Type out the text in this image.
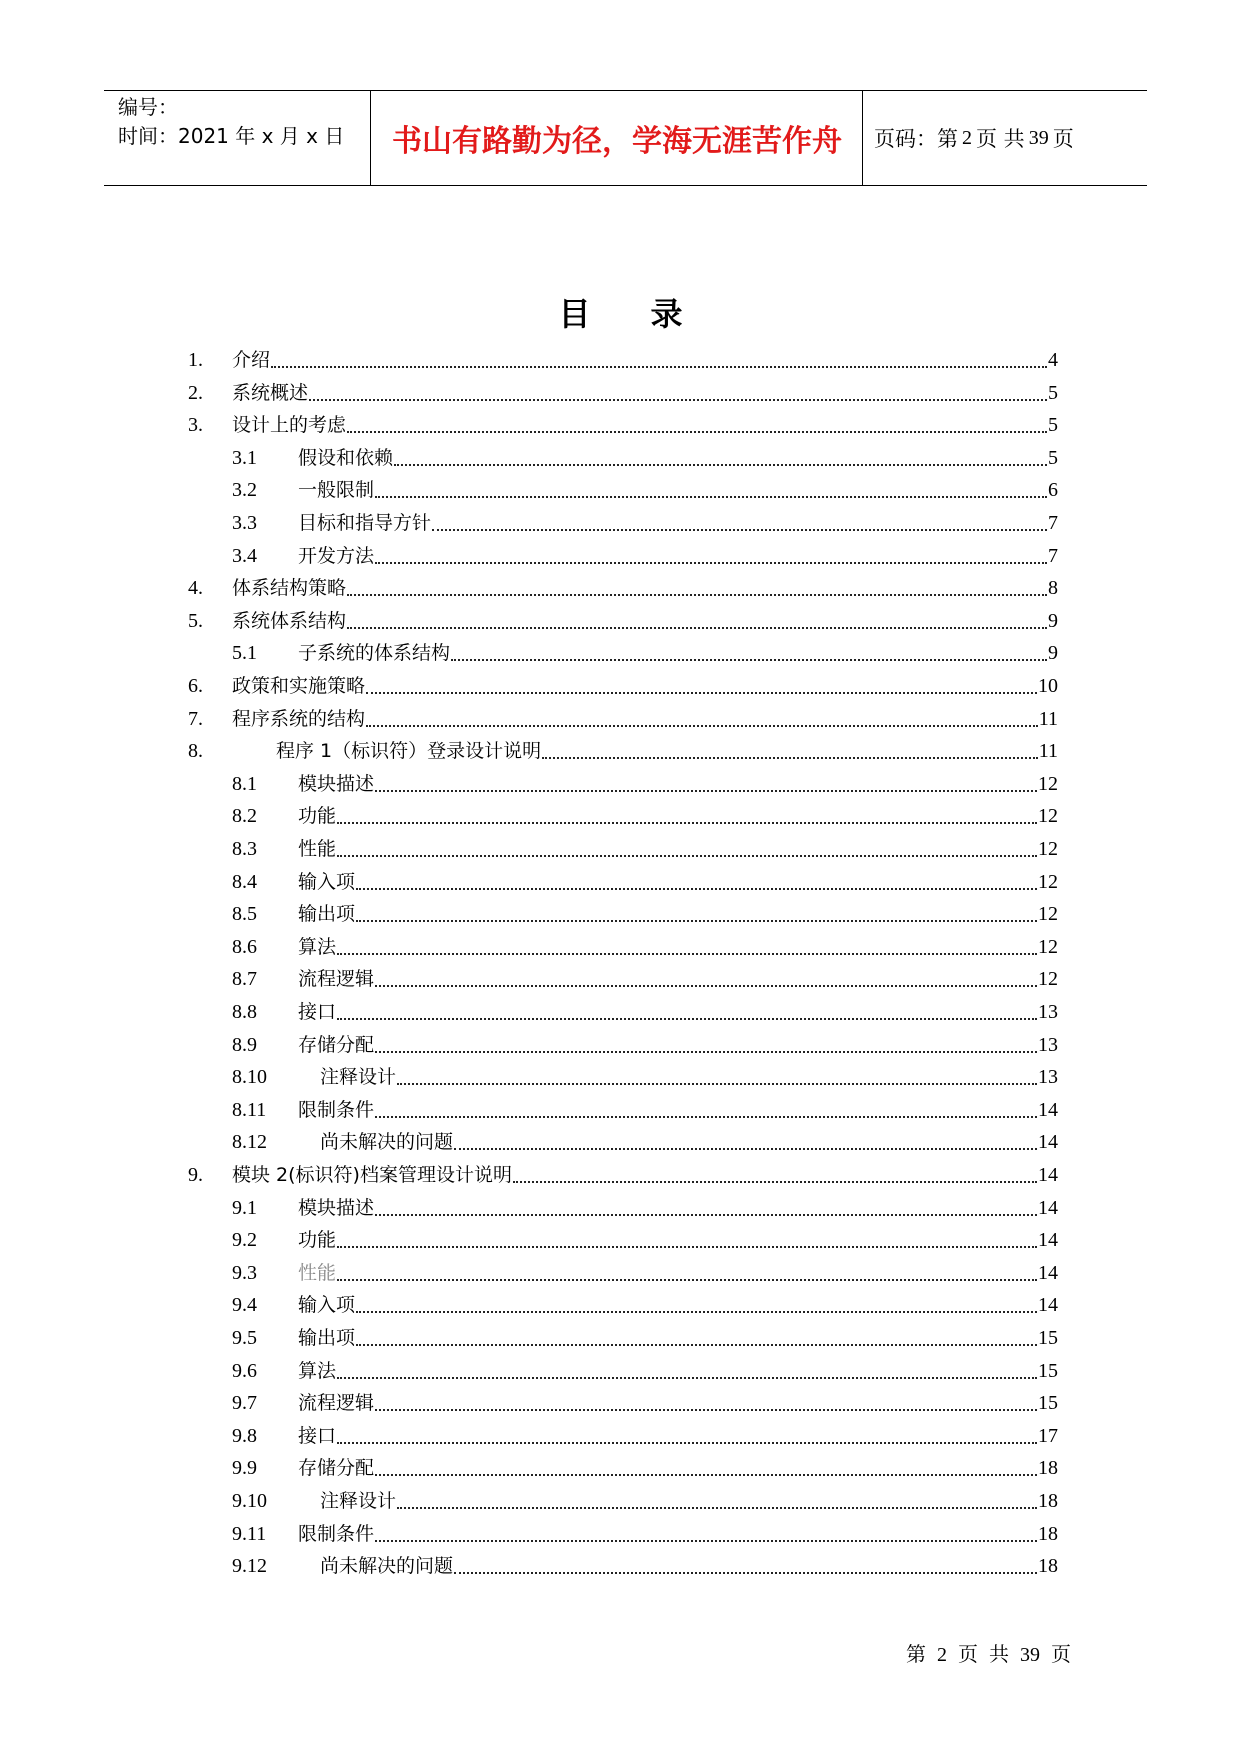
编号：
时间：2021 年 x 月 x 日	书山有路勤为径，学海无涯苦作舟	页码：第 2 页 共 39 页
目录
1. 介绍	4
2. 系统概述	5
3. 设计上的考虑	5
3.1 假设和依赖	5
3.2 一般限制	6
3.3 目标和指导方针	7
3.4 开发方法	7
4. 体系结构策略	8
5. 系统体系结构	9
5.1 子系统的体系结构	9
6. 政策和实施策略	10
7. 程序系统的结构	11
8.	程序 1（标识符）登录设计说明	11
8.1 模块描述	12
8.2 功能	12
8.3 性能	12
8.4 输入项	12
8.5 输出项	12
8.6 算法	12
8.7 流程逻辑	12
8.8 接口	13
8.9 存储分配	13
8.10	注释设计	13
8.11 限制条件	14
8.12	尚未解决的问题	14
9. 模块 2(标识符)档案管理设计说明	14
9.1 模块描述	14
9.2 功能	14
9.3 性能	14
9.4 输入项	14
9.5 输出项	15
9.6 算法	15
9.7 流程逻辑	15
9.8 接口	17
9.9 存储分配	18
9.10	注释设计	18
9.11 限制条件	18
9.12	尚未解决的问题	18
第 2 页 共 39 页
